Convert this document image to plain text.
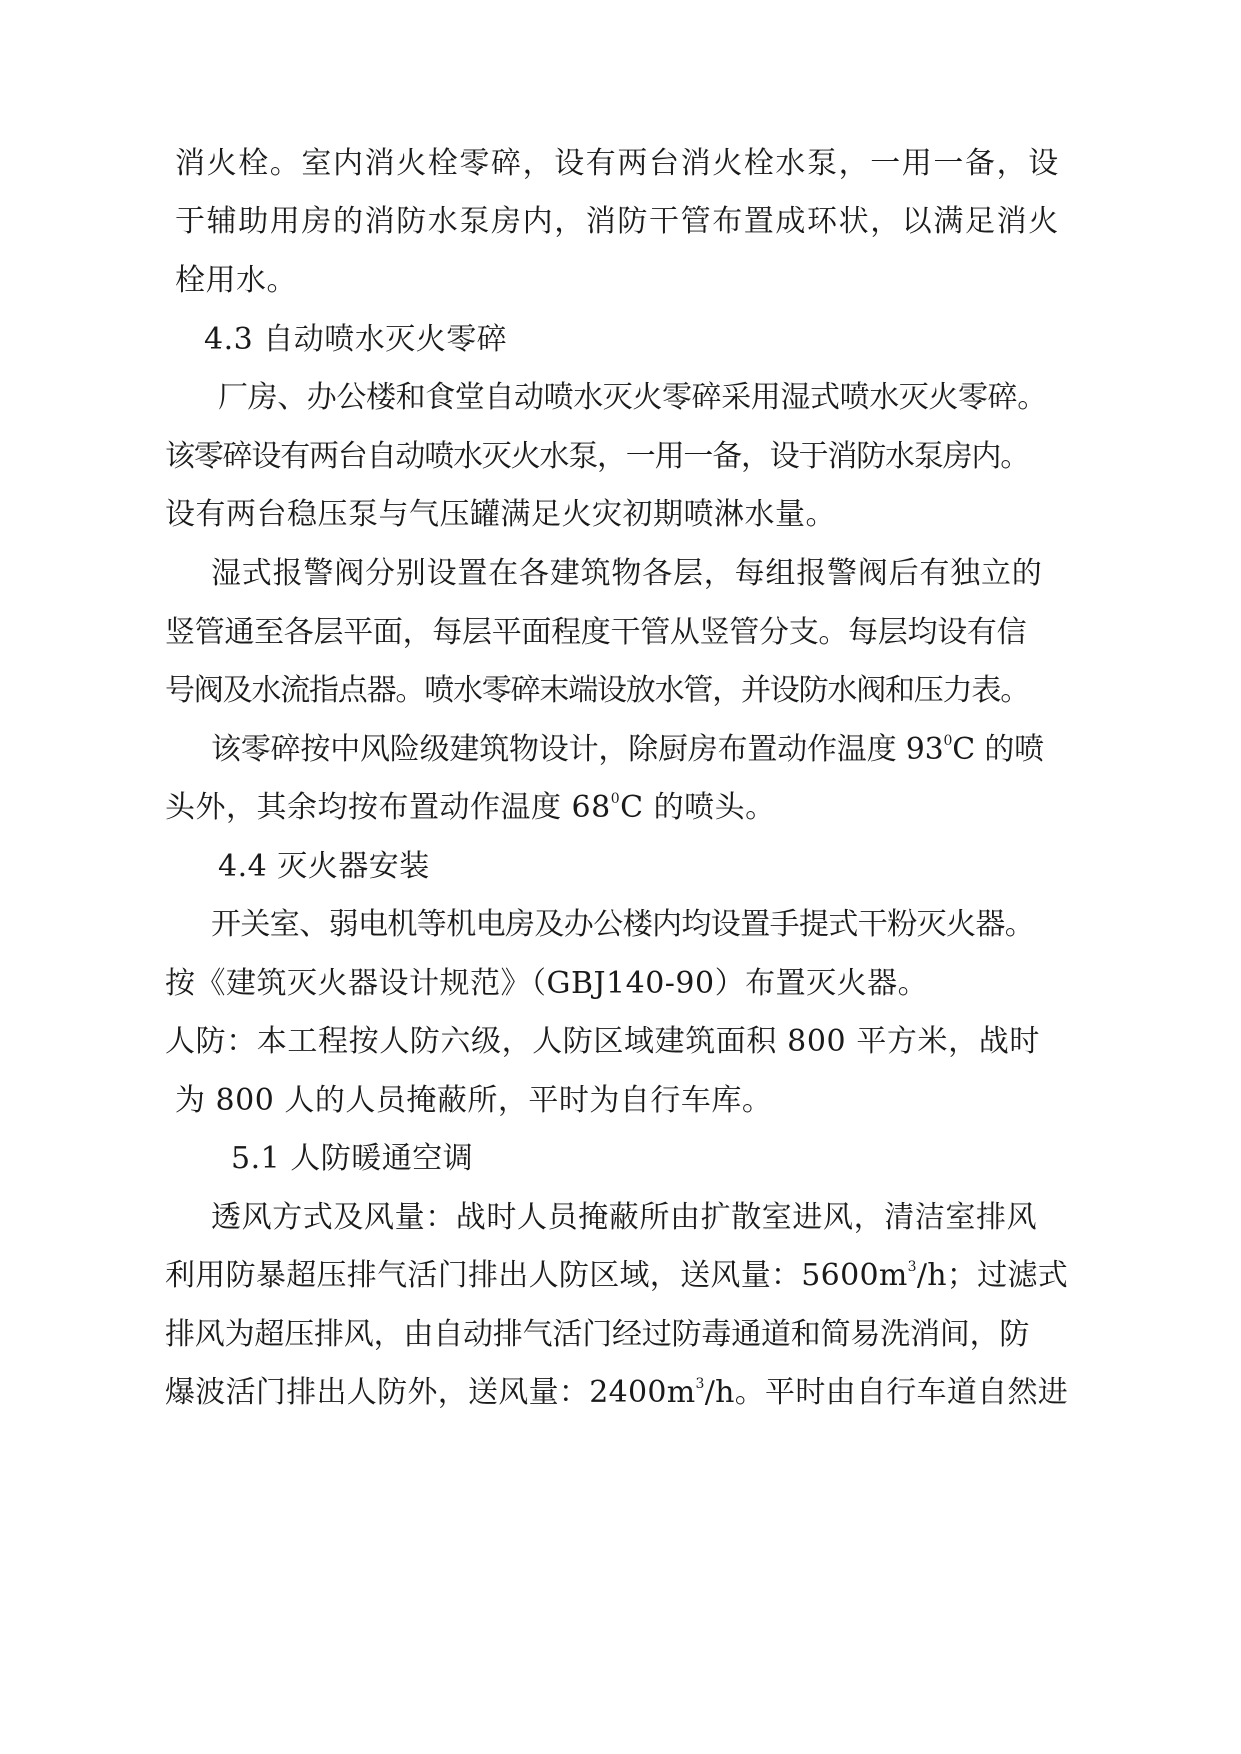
消火栓。室内消火栓零碎，设有两台消火栓水泵，一用一备，设
于辅助用房的消防水泵房内，消防干管布置成环状，以满足消火
栓用水。
4.3 自动喷水灭火零碎
厂房、办公楼和食堂自动喷水灭火零碎采用湿式喷水灭火零碎。
该零碎设有两台自动喷水灭火水泵，一用一备，设于消防水泵房内。
设有两台稳压泵与气压罐满足火灾初期喷淋水量。
湿式报警阀分别设置在各建筑物各层，每组报警阀后有独立的
竖管通至各层平面，每层平面程度干管从竖管分支。每层均设有信
号阀及水流指点器。喷水零碎末端设放水管，并设防水阀和压力表。
该零碎按中风险级建筑物设计，除厨房布置动作温度 $93^0C$ 的喷
头外，其余均按布置动作温度 $68^0C$ 的喷头。
4.4 灭火器安装
开关室、弱电机等机电房及办公楼内均设置手提式干粉灭火器。
按《建筑灭火器设计规范》（GBJ140-90）布置灭火器。
人防：本工程按人防六级，人防区域建筑面积 800 平方米，战时
为 800 人的人员掩蔽所，平时为自行车库。
5.1 人防暖通空调
透风方式及风量：战时人员掩蔽所由扩散室进风，清洁室排风
利用防暴超压排气活门排出人防区域，送风量：$5600m^3/h$；过滤式
排风为超压排风，由自动排气活门经过防毒通道和简易洗消间，防
爆波活门排出人防外，送风量：$2400m^3/h$。平时由自行车道自然进
